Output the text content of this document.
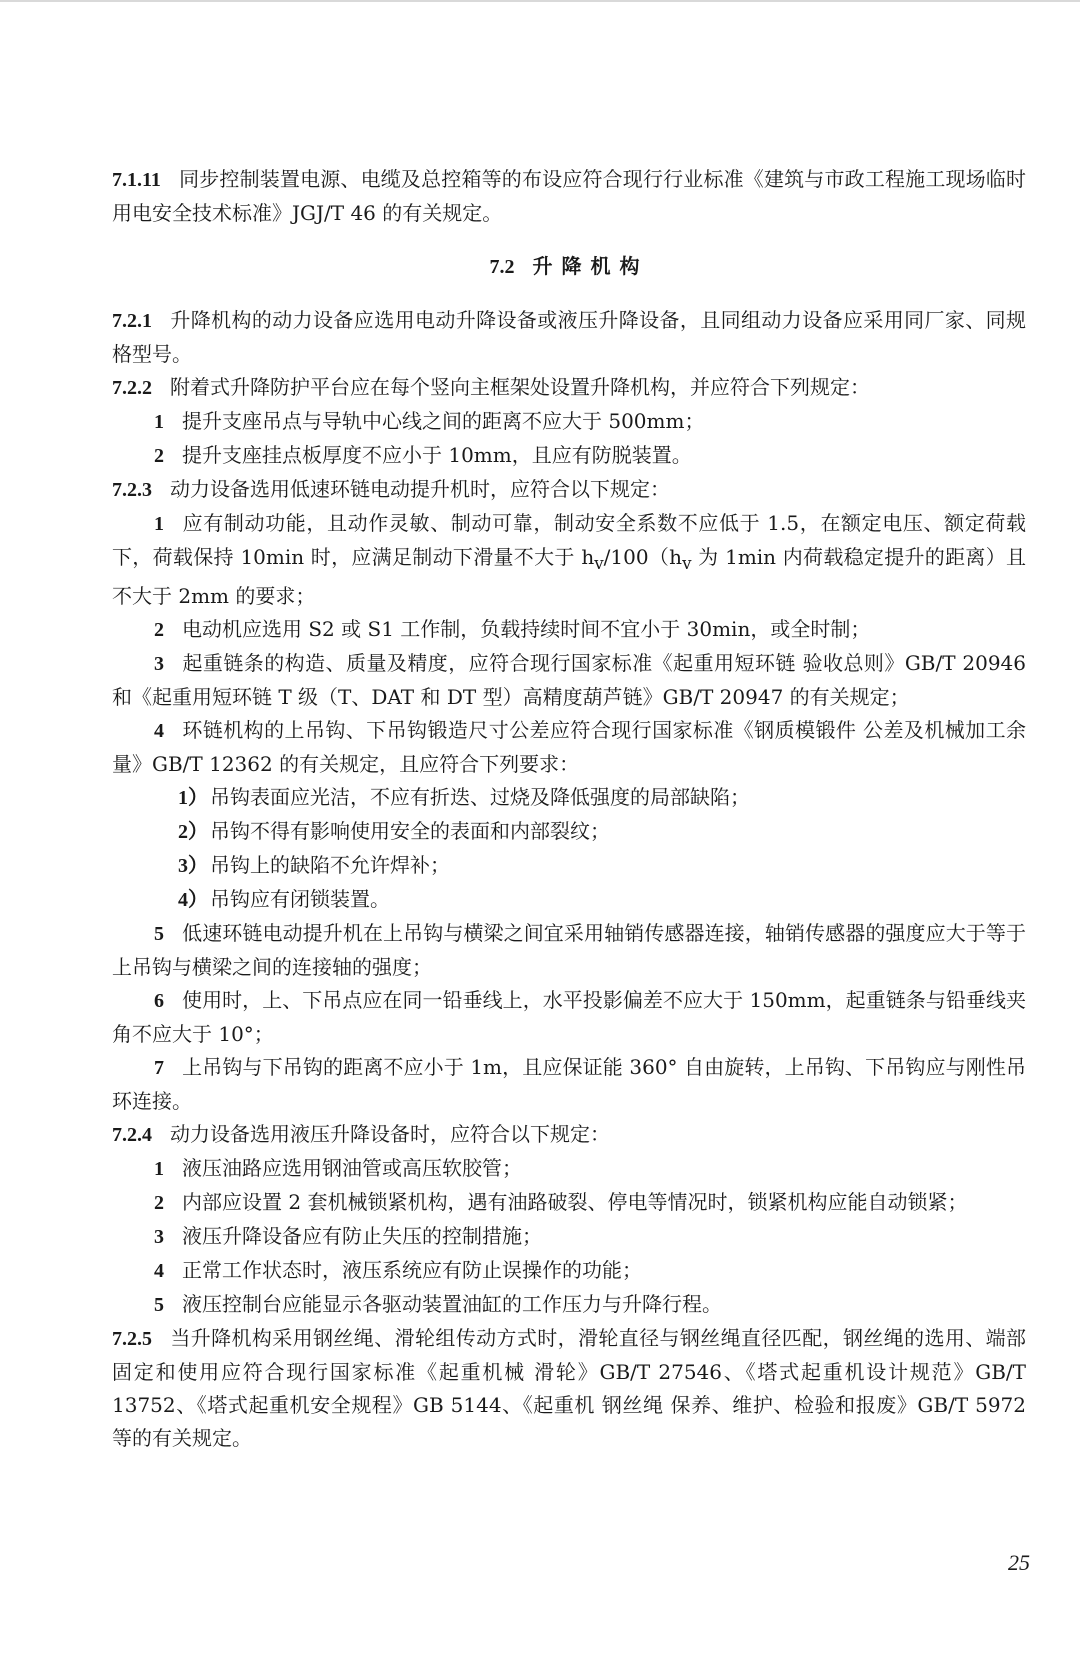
7.1.11 同步控制装置电源、电缆及总控箱等的布设应符合现行行业标准《建筑与市政工程施工现场临时用电安全技术标准》JGJ/T 46 的有关规定。

7.2 升降机构

7.2.1 升降机构的动力设备应选用电动升降设备或液压升降设备，且同组动力设备应采用同厂家、同规格型号。

7.2.2 附着式升降防护平台应在每个竖向主框架处设置升降机构，并应符合下列规定：

1 提升支座吊点与导轨中心线之间的距离不应大于 500mm；

2 提升支座挂点板厚度不应小于 10mm，且应有防脱装置。

7.2.3 动力设备选用低速环链电动提升机时，应符合以下规定：

1 应有制动功能，且动作灵敏、制动可靠，制动安全系数不应低于 1.5，在额定电压、额定荷载下，荷载保持 10min 时，应满足制动下滑量不大于 $h_v/100(h_v$ 为 1min 内荷载稳定提升的距离）且不大于 2mm 的要求；

2 电动机应选用 S2 或 S1 工作制，负载持续时间不宜小于 30min，或全时制；

3 起重链条的构造、质量及精度，应符合现行国家标准《起重用短环链 验收总则》GB/T 20946 和《起重用短环链 T 级（T、DAT 和 DT 型）高精度葫芦链》GB/T 20947 的有关规定；

4 环链机构的上吊钩、下吊钩锻造尺寸公差应符合现行国家标准《钢质模锻件 公差及机械加工余量》GB/T 12362 的有关规定，且应符合下列要求：

1） 吊钩表面应光洁，不应有折迭、过烧及降低强度的局部缺陷；

2） 吊钩不得有影响使用安全的表面和内部裂纹；

3） 吊钩上的缺陷不允许焊补；

4） 吊钩应有闭锁装置。

5 低速环链电动提升机在上吊钩与横梁之间宜采用轴销传感器连接，轴销传感器的强度应大于等于上吊钩与横梁之间的连接轴的强度；

6 使用时，上、下吊点应在同一铅垂线上，水平投影偏差不应大于 150mm，起重链条与铅垂线夹角不应大于 10°；

7 上吊钩与下吊钩的距离不应小于 1m，且应保证能 360° 自由旋转，上吊钩、下吊钩应与刚性吊环连接。

7.2.4 动力设备选用液压升降设备时，应符合以下规定：

1 液压油路应选用钢油管或高压软胶管；

2 内部应设置 2 套机械锁紧机构，遇有油路破裂、停电等情况时，锁紧机构应能自动锁紧；

3 液压升降设备应有防止失压的控制措施；

4 正常工作状态时，液压系统应有防止误操作的功能；

5 液压控制台应能显示各驱动装置油缸的工作压力与升降行程。

7.2.5 当升降机构采用钢丝绳、滑轮组传动方式时，滑轮直径与钢丝绳直径匹配，钢丝绳的选用、端部固定和使用应符合现行国家标准《起重机械 滑轮》GB/T 27546、《塔式起重机设计规范》GB/T 13752、《塔式起重机安全规程》GB 5144、《起重机 钢丝绳 保养、维护、检验和报废》GB/T 5972 等的有关规定。

25
